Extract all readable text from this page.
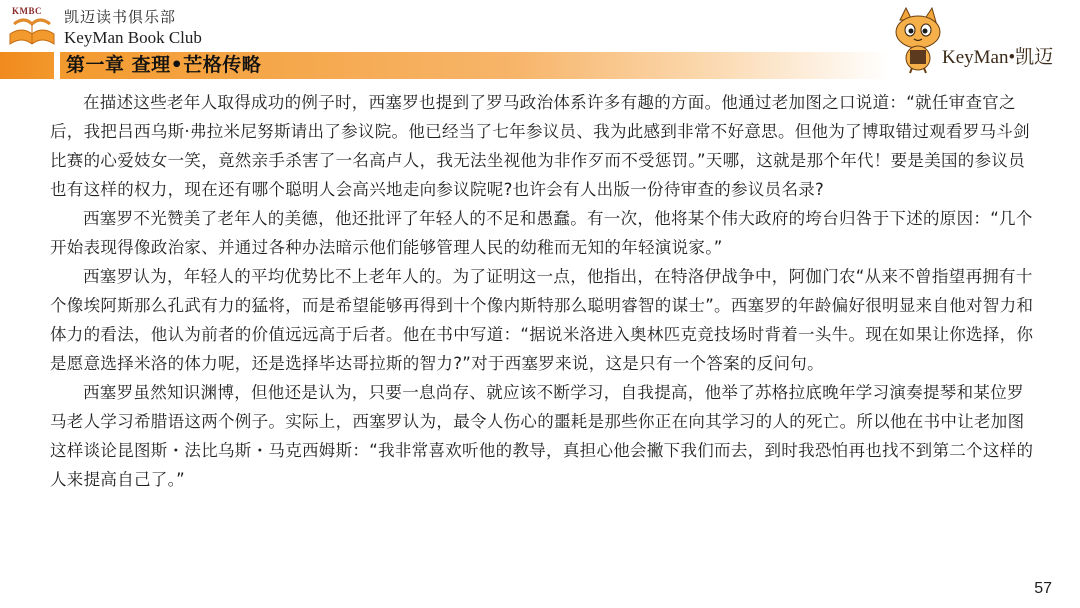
KMBC 凯迈读书俱乐部
KeyMan Book Club
第一章 查理•芒格传略	KeyMan•凯迈

在描述这些老年人取得成功的例子时，西塞罗也提到了罗马政治体系许多有趣的方面。他通过老加图之口说道：“就任审查官之后，我把吕西乌斯·弗拉米尼努斯请出了参议院。他已经当了七年参议员、我为此感到非常不好意思。但他为了博取错过观看罗马斗剑比赛的心爱妓女一笑，竟然亲手杀害了一名高卢人，我无法坐视他为非作歹而不受惩罚。”天哪，这就是那个年代！要是美国的参议员也有这样的权力，现在还有哪个聪明人会高兴地走向参议院呢?也许会有人出版一份待审查的参议员名录?

西塞罗不光赞美了老年人的美德，他还批评了年轻人的不足和愚蠢。有一次，他将某个伟大政府的垮台归咎于下述的原因：“几个开始表现得像政治家、并通过各种办法暗示他们能够管理人民的幼稚而无知的年轻演说家。”

西塞罗认为，年轻人的平均优势比不上老年人的。为了证明这一点，他指出，在特洛伊战争中，阿伽门农“从来不曾指望再拥有十个像埃阿斯那么孔武有力的猛将，而是希望能够再得到十个像内斯特那么聪明睿智的谋士”。西塞罗的年龄偏好很明显来自他对智力和体力的看法，他认为前者的价值远远高于后者。他在书中写道：“据说米洛进入奥林匹克竞技场时背着一头牛。现在如果让你选择，你是愿意选择米洛的体力呢，还是选择毕达哥拉斯的智力?”对于西塞罗来说，这是只有一个答案的反问句。

西塞罗虽然知识渊博，但他还是认为，只要一息尚存、就应该不断学习，自我提高，他举了苏格拉底晚年学习演奏提琴和某位罗马老人学习希腊语这两个例子。实际上，西塞罗认为，最令人伤心的噩耗是那些你正在向其学习的人的死亡。所以他在书中让老加图这样谈论昆图斯・法比乌斯・马克西姆斯：“我非常喜欢听他的教导，真担心他会撇下我们而去，到时我恐怕再也找不到第二个这样的人来提高自己了。”

57
